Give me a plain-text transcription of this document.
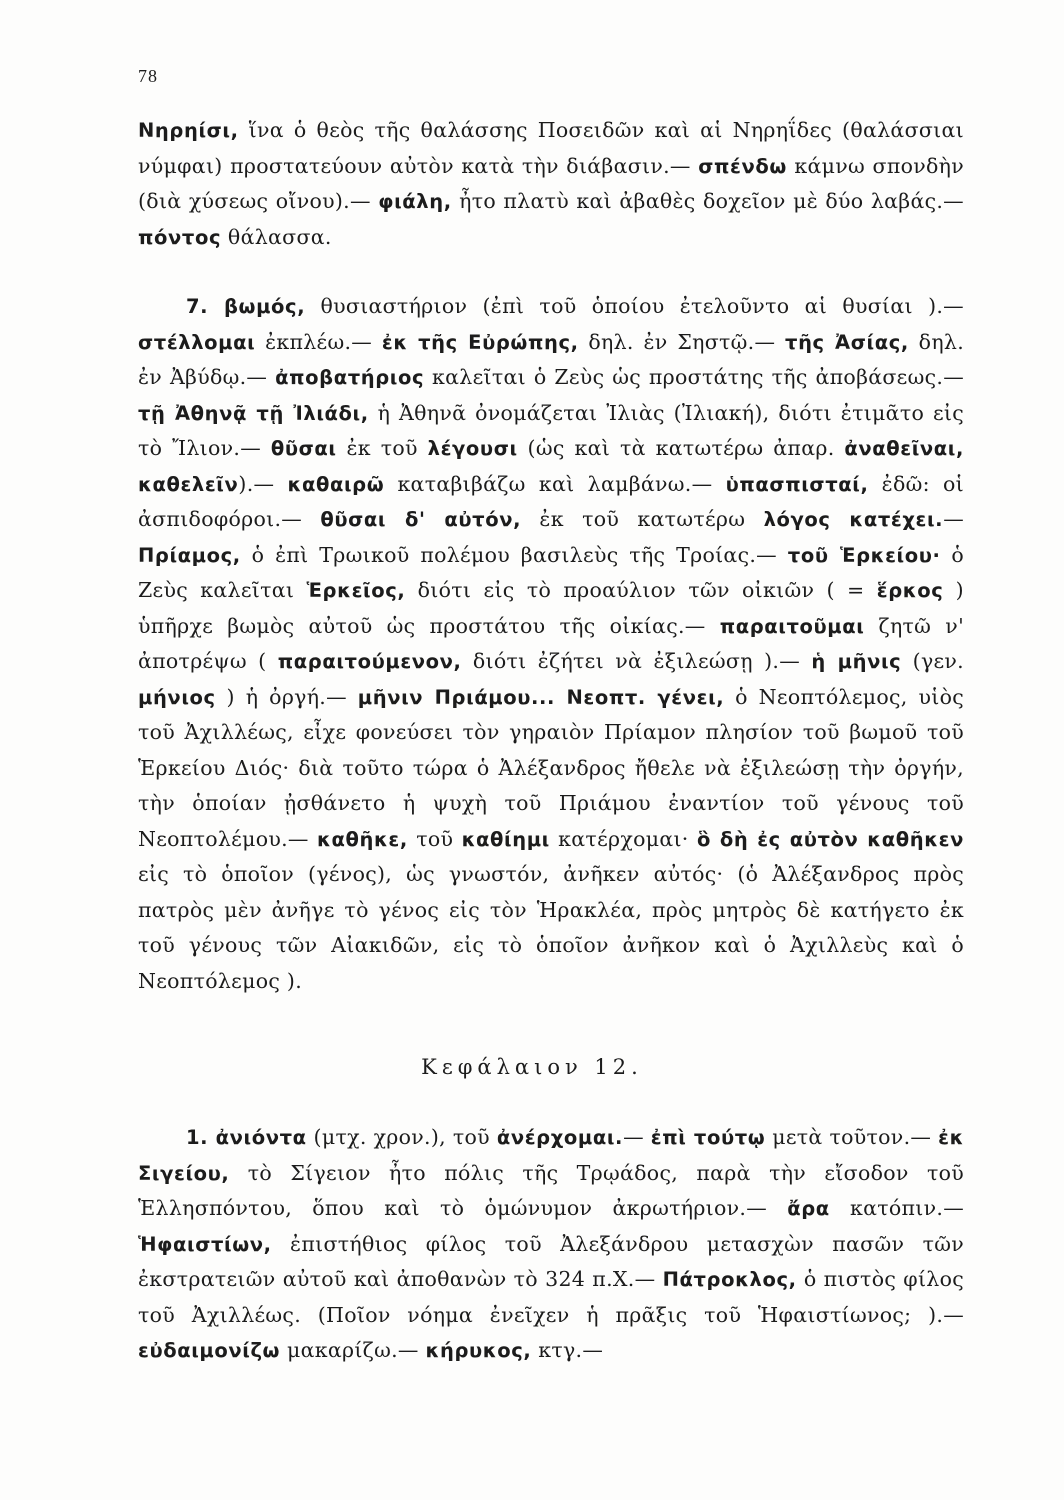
78
Νηρηίσι, ἵνα ὁ θεὸς τῆς θαλάσσης Ποσειδῶν καὶ αἱ Νηρηΐδες (θαλάσσιαι νύμφαι) προστατεύουν αὐτὸν κατὰ τὴν διάβασιν.— σπένδω κάμνω σπονδὴν (διὰ χύσεως οἴνου).— φιάλη, ἦτο πλατὺ καὶ ἀβαθὲς δοχεῖον μὲ δύο λαβάς.— πόντος θάλασσα.
7. βωμός, θυσιαστήριον (ἐπὶ τοῦ ὁποίου ἐτελοῦντο αἱ θυσίαι ).— στέλλομαι ἐκπλέω.— ἐκ τῆς Εὐρώπης, δηλ. ἐν Σηστῷ.— τῆς Ἀσίας, δηλ. ἐν Ἀβύδῳ.— ἀποβατήριος καλεῖται ὁ Ζεὺς ὡς προστάτης τῆς ἀποβάσεως.— τῇ Ἀθηνᾷ τῇ Ἰλιάδι, ἡ Ἀθηνᾶ ὀνομάζεται Ἰλιὰς (Ἰλιακή), διότι ἐτιμᾶτο εἰς τὸ Ἴλιον.— θῦσαι ἐκ τοῦ λέγουσι (ὡς καὶ τὰ κατωτέρω ἀπαρ. ἀναθεῖναι, καθελεῖν).— καθαιρῶ καταβιβάζω καὶ λαμβάνω.— ὑπασπισταί, ἐδῶ: οἱ ἀσπιδοφόροι.— θῦσαι δ' αὐτόν, ἐκ τοῦ κατωτέρω λόγος κατέχει.— Πρίαμος, ὁ ἐπὶ Τρωικοῦ πολέμου βασιλεὺς τῆς Τροίας.— τοῦ Ἑρκείου· ὁ Ζεὺς καλεῖται Ἑρκεῖος, διότι εἰς τὸ προαύλιον τῶν οἰκιῶν ( = ἕρκος ) ὑπῆρχε βωμὸς αὐτοῦ ὡς προστάτου τῆς οἰκίας.— παραιτοῦμαι ζητῶ ν' ἀποτρέψω ( παραιτούμενον, διότι ἐζήτει νὰ ἐξιλεώσῃ ).— ἡ μῆνις (γεν. μήνιος ) ἡ ὀργή.— μῆνιν Πριάμου... Νεοπτ. γένει, ὁ Νεοπτόλεμος, υἱὸς τοῦ Ἀχιλλέως, εἶχε φονεύσει τὸν γηραιὸν Πρίαμον πλησίον τοῦ βωμοῦ τοῦ Ἑρκείου Διός· διὰ τοῦτο τώρα ὁ Ἀλέξανδρος ἤθελε νὰ ἐξιλεώσῃ τὴν ὀργήν, τὴν ὁποίαν ᾐσθάνετο ἡ ψυχὴ τοῦ Πριάμου ἐναντίον τοῦ γένους τοῦ Νεοπτολέμου.— καθῆκε, τοῦ καθίημι κατέρχομαι· ὃ δὴ ἐς αὐτὸν καθῆκεν εἰς τὸ ὁποῖον (γένος), ὡς γνωστόν, ἀνῆκεν αὐτός· (ὁ Ἀλέξανδρος πρὸς πατρὸς μὲν ἀνῆγε τὸ γένος εἰς τὸν Ἡρακλέα, πρὸς μητρὸς δὲ κατήγετο ἐκ τοῦ γένους τῶν Αἰακιδῶν, εἰς τὸ ὁποῖον ἀνῆκον καὶ ὁ Ἀχιλλεὺς καὶ ὁ Νεοπτόλεμος ).
Κεφάλαιον 12.
1. ἀνιόντα (μτχ. χρον.), τοῦ ἀνέρχομαι.— ἐπὶ τούτῳ μετὰ τοῦτον.— ἐκ Σιγείου, τὸ Σίγειον ἦτο πόλις τῆς Τρῳάδος, παρὰ τὴν εἴσοδον τοῦ Ἑλλησπόντου, ὅπου καὶ τὸ ὁμώνυμον ἀκρωτήριον.— ἄρα κατόπιν.— Ἡφαιστίων, ἐπιστήθιος φίλος τοῦ Ἀλεξάνδρου μετασχὼν πασῶν τῶν ἐκστρατειῶν αὐτοῦ καὶ ἀποθανὼν τὸ 324 π.Χ.— Πάτροκλος, ὁ πιστὸς φίλος τοῦ Ἀχιλλέως. (Ποῖον νόημα ἐνεῖχεν ἡ πρᾶξις τοῦ Ἡφαιστίωνος; ).— εὐδαιμονίζω μακαρίζω.— κήρυκος, κτγ.—
